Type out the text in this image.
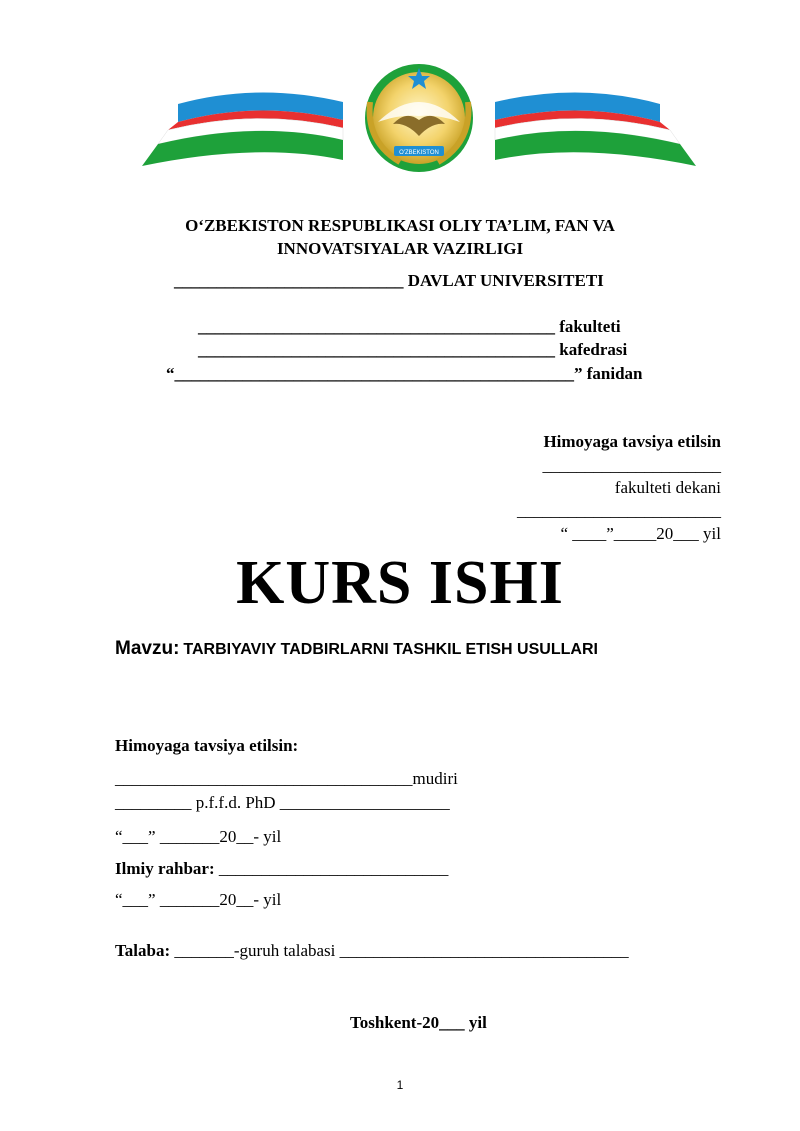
O'ZBEKISTON
O‘ZBEKISTON RESPUBLIKASI OLIY TA’LIM, FAN VA
INNOVATSIYALAR VAZIRLIGI
___________________________ DAVLAT UNIVERSITETI
__________________________________________ fakulteti
__________________________________________ kafedrasi
“_______________________________________________” fanidan
Himoyaga tavsiya etilsin
_____________________
fakulteti dekani
________________________
“ ____”_____20___ yil
KURS ISHI
Mavzu: TARBIYAVIY TADBIRLARNI TASHKIL ETISH USULLARI
Himoyaga tavsiya etilsin:
___________________________________mudiri
_________ p.f.f.d. PhD ____________________
“___” _______20__- yil
Ilmiy rahbar: ___________________________
“___” _______20__- yil
Talaba: _______-guruh talabasi __________________________________
Toshkent-20___ yil
1
